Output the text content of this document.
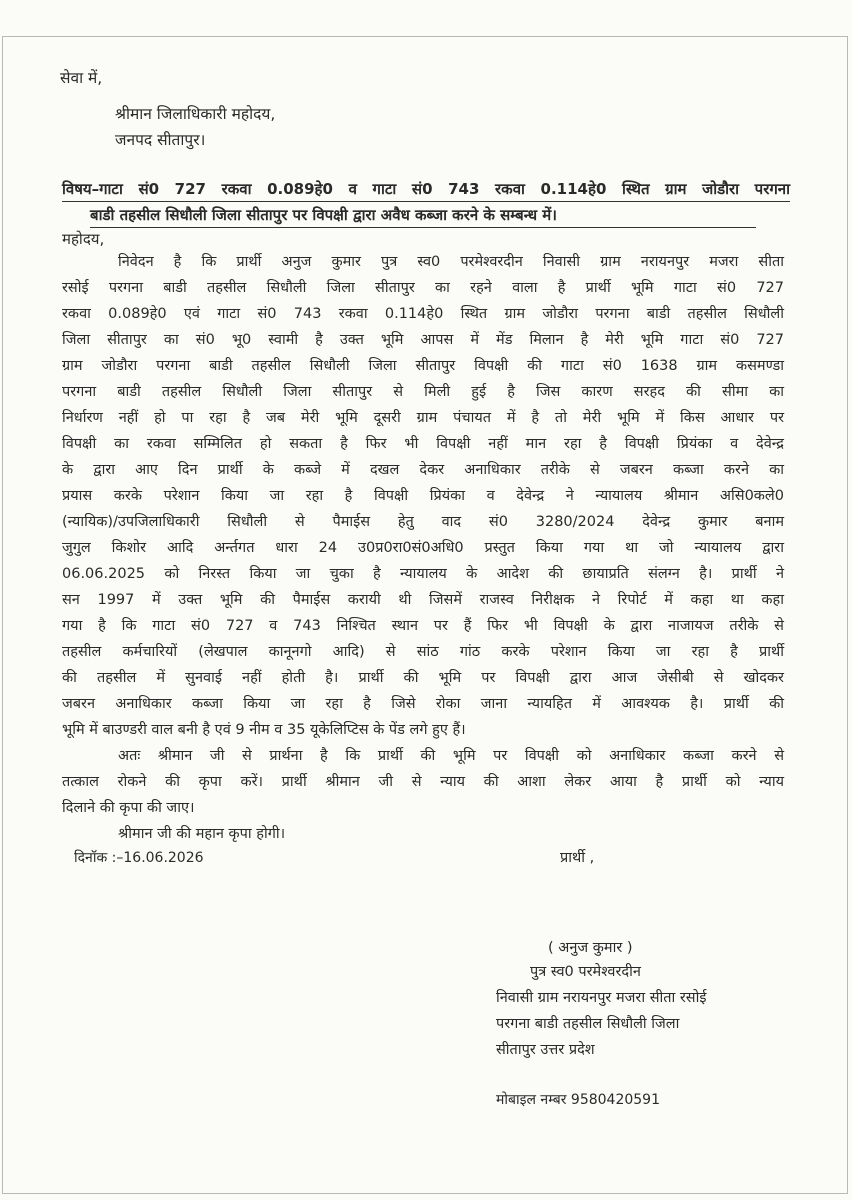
सेवा में,
श्रीमान जिलाधिकारी महोदय,
जनपद सीतापुर।
विषय–गाटा सं0 727 रकवा 0.089हे0 व गाटा सं0 743 रकवा 0.114हे0 स्थित ग्राम जोडौरा परगना
बाडी तहसील सिधौली जिला सीतापुर पर विपक्षी द्वारा अवैध कब्जा करने के सम्बन्ध में।
महोदय,
निवेदन है कि प्रार्थी अनुज कुमार पुत्र स्व0 परमेश्वरदीन निवासी ग्राम नरायनपुर मजरा सीता
रसोई परगना बाडी तहसील सिधौली जिला सीतापुर का रहने वाला है प्रार्थी भूमि गाटा सं0 727
रकवा 0.089हे0 एवं गाटा सं0 743 रकवा 0.114हे0 स्थित ग्राम जोडौरा परगना बाडी तहसील सिधौली
जिला सीतापुर का सं0 भू0 स्वामी है उक्त भूमि आपस में मेंड मिलान है मेरी भूमि गाटा सं0 727
ग्राम जोडौरा परगना बाडी तहसील सिधौली जिला सीतापुर विपक्षी की गाटा सं0 1638 ग्राम कसमण्डा
परगना बाडी तहसील सिधौली जिला सीतापुर से मिली हुई है जिस कारण सरहद की सीमा का
निर्धारण नहीं हो पा रहा है जब मेरी भूमि दूसरी ग्राम पंचायत में है तो मेरी भूमि में किस आधार पर
विपक्षी का रकवा सम्मिलित हो सकता है फिर भी विपक्षी नहीं मान रहा है विपक्षी प्रियंका व देवेन्द्र
के द्वारा आए दिन प्रार्थी के कब्जे में दखल देकर अनाधिकार तरीके से जबरन कब्जा करने का
प्रयास करके परेशान किया जा रहा है विपक्षी प्रियंका व देवेन्द्र ने न्यायालय श्रीमान असि0कले0
(न्यायिक)/उपजिलाधिकारी सिधौली से पैमाईस हेतु वाद सं0 3280/2024 देवेन्द्र कुमार बनाम
जुगुल किशोर आदि अर्न्तगत धारा 24 उ0प्र0रा0सं0अधि0 प्रस्तुत किया गया था जो न्यायालय द्वारा
06.06.2025 को निरस्त किया जा चुका है न्यायालय के आदेश की छायाप्रति संलग्न है। प्रार्थी ने
सन 1997 में उक्त भूमि की पैमाईस करायी थी जिसमें राजस्व निरीक्षक ने रिपोर्ट में कहा था कहा
गया है कि गाटा सं0 727 व 743 निश्चित स्थान पर हैं फिर भी विपक्षी के द्वारा नाजायज तरीके से
तहसील कर्मचारियों (लेखपाल कानूनगो आदि) से सांठ गांठ करके परेशान किया जा रहा है प्रार्थी
की तहसील में सुनवाई नहीं होती है। प्रार्थी की भूमि पर विपक्षी द्वारा आज जेसीबी से खोदकर
जबरन अनाधिकार कब्जा किया जा रहा है जिसे रोका जाना न्यायहित में आवश्यक है। प्रार्थी की
भूमि में बाउण्डरी वाल बनी है एवं 9 नीम व 35 यूकेलिप्टिस के पेंड लगे हुए हैं।
अतः श्रीमान जी से प्रार्थना है कि प्रार्थी की भूमि पर विपक्षी को अनाधिकार कब्जा करने से
तत्काल रोकने की कृपा करें। प्रार्थी श्रीमान जी से न्याय की आशा लेकर आया है प्रार्थी को न्याय
दिलाने की कृपा की जाए।
श्रीमान जी की महान कृपा होगी।
दिनॉक :–16.06.2026	प्रार्थी ,
( अनुज कुमार )
पुत्र स्व0 परमेश्वरदीन
निवासी ग्राम नरायनपुर मजरा सीता रसोई
परगना बाडी तहसील सिधौली जिला
सीतापुर उत्तर प्रदेश
मोबाइल नम्बर 9580420591
